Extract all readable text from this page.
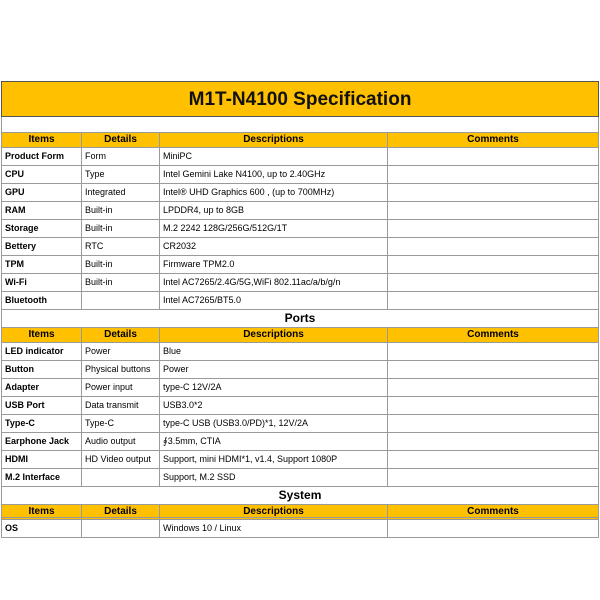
M1T-N4100 Specification			

Items	Details	Descriptions	Comments
Product Form	Form	MiniPC	
CPU	Type	Intel Gemini Lake N4100, up to 2.40GHz	
GPU	Integrated	Intel® UHD Graphics 600 , (up to 700MHz)	
RAM	Built-in	LPDDR4, up to 8GB	
Storage	Built-in	M.2 2242 128G/256G/512G/1T	
Bettery	RTC	CR2032	
TPM	Built-in	Firmware TPM2.0	
Wi-Fi	Built-in	Intel AC7265/2.4G/5G,WiFi 802.11ac/a/b/g/n	
Bluetooth		Intel AC7265/BT5.0	
Ports			
Items	Details	Descriptions	Comments
LED indicator	Power	Blue	
Button	Physical buttons	Power	
Adapter	Power input	type-C 12V/2A	
USB Port	Data transmit	USB3.0*2	
Type-C	Type-C	type-C USB (USB3.0/PD)*1, 12V/2A	
Earphone Jack	Audio output	∮3.5mm, CTIA	
HDMI	HD Video output	Support, mini HDMI*1, v1.4, Support 1080P	
M.2 Interface		Support, M.2 SSD	
System			
Items	Details	Descriptions	Comments
OS		Windows 10 / Linux	
